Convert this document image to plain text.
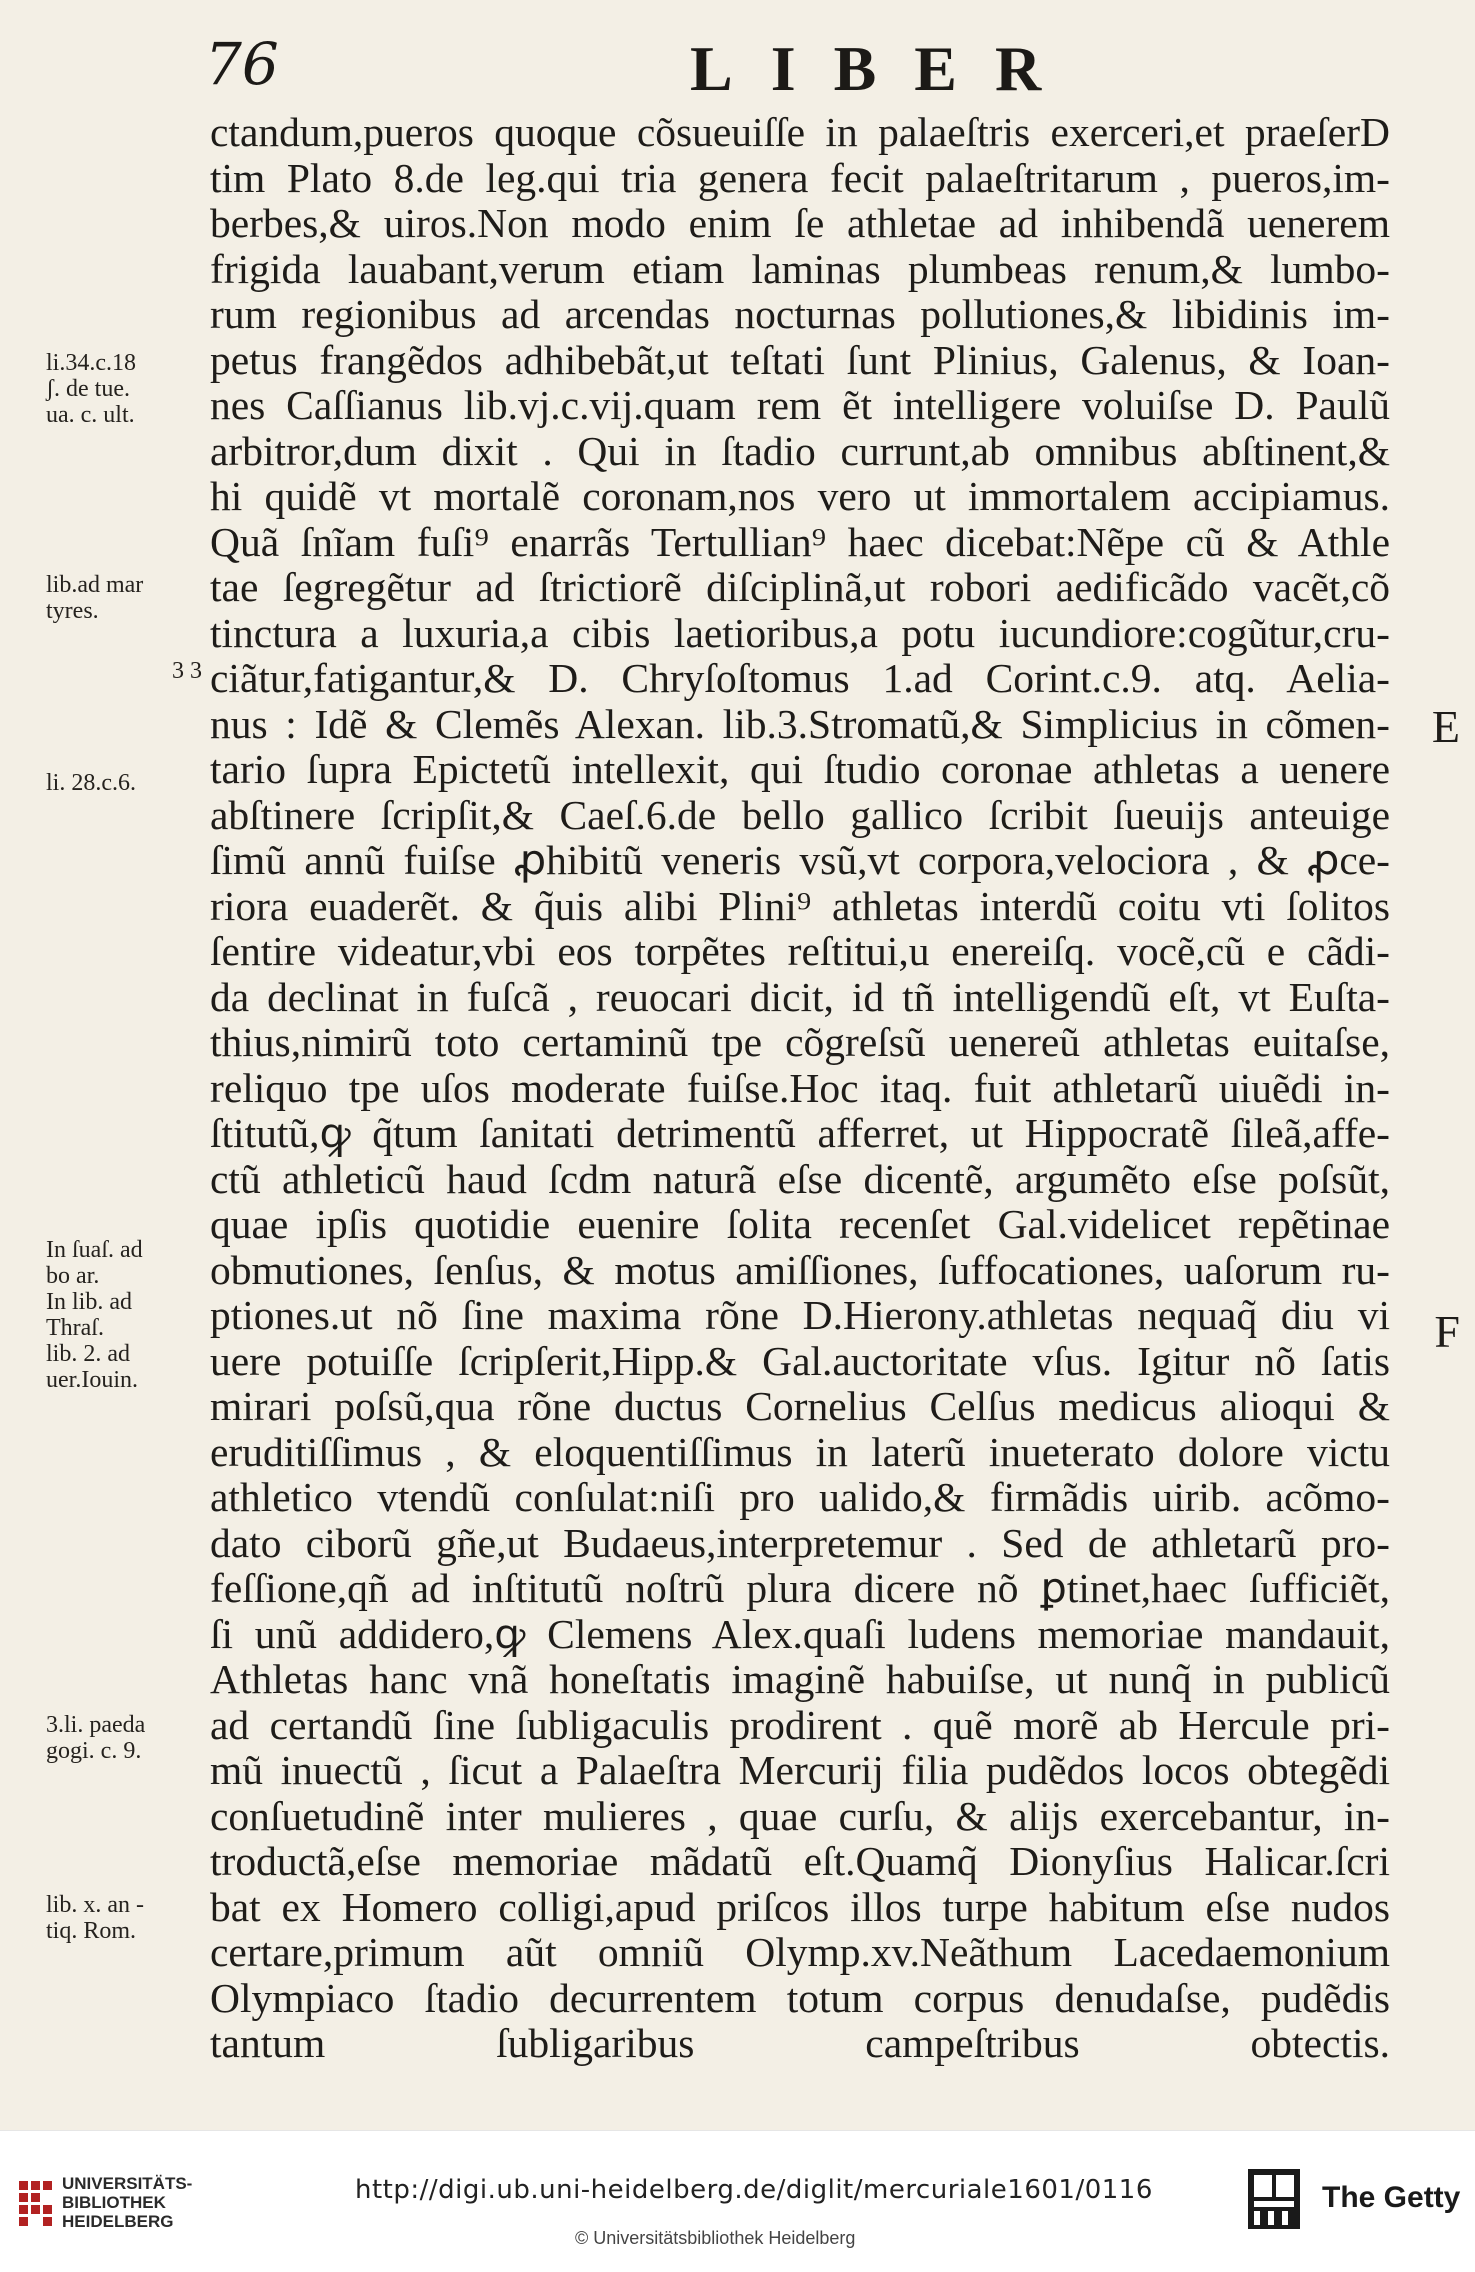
76	LIBER
ctandum,pueros quoque cõsueuiſſe in palaeſtris exerceri,et praeſerD
tim Plato 8.de leg.qui tria genera fecit palaeſtritarum , pueros,im-
berbes,& uiros.Non modo enim ſe athletae ad inhibendã uenerem
frigida lauabant,verum etiam laminas plumbeas renum,& lumbo-
rum regionibus ad arcendas nocturnas pollutiones,& libidinis im-
petus frangẽdos adhibebãt,ut teſtati ſunt Plinius, Galenus, & Ioan-
nes Caſſianus lib.vj.c.vij.quam rem ẽt intelligere voluiſse D. Paulũ
arbitror,dum dixit . Qui in ſtadio currunt,ab omnibus abſtinent,&
hi quidẽ vt mortalẽ coronam,nos vero ut immortalem accipiamus.
Quã ſnĩam fuſi⁹ enarrãs Tertullian⁹ haec dicebat:Nẽpe cũ & Athle
tae ſegregẽtur ad ſtrictiorẽ diſciplinã,ut robori aedificãdo vacẽt,cõ
tinctura a luxuria,a cibis laetioribus,a potu iucundiore:cogũtur,cru-
ciãtur,fatigantur,& D. Chryſoſtomus 1.ad Corint.c.9. atq. Aelia-
nus : Idẽ & Clemẽs Alexan. lib.3.Stromatũ,& Simplicius in cõmen-
tario ſupra Epictetũ intellexit, qui ſtudio coronae athletas a uenere
abſtinere ſcripſit,& Caeſ.6.de bello gallico ſcribit ſueuijs anteuige
ſimũ annũ fuiſse ꝓhibitũ veneris vsũ,vt corpora,velociora , & ꝓce-
riora euaderẽt. & q̃uis alibi Plini⁹ athletas interdũ coitu vti ſolitos
ſentire videatur,vbi eos torpẽtes reſtitui,u enereiſq. vocẽ,cũ e cãdi-
da declinat in fuſcã , reuocari dicit, id tñ intelligendũ eſt, vt Euſta-
thius,nimirũ toto certaminũ tpe cõgreſsũ uenereũ athletas euitaſse,
reliquo tpe uſos moderate fuiſse.Hoc itaq. fuit athletarũ uiuẽdi in-
ſtitutũ,ꝙ q̃tum ſanitati detrimentũ afferret, ut Hippocratẽ ſileã,affe-
ctũ athleticũ haud ſcdm naturã eſse dicentẽ, argumẽto eſse poſsũt,
quae ipſis quotidie euenire ſolita recenſet Gal.videlicet repẽtinae
obmutiones, ſenſus, & motus amiſſiones, ſuffocationes, uaſorum ru-
ptiones.ut nõ ſine maxima rõne D.Hierony.athletas nequaq̃ diu vi
uere potuiſſe ſcripſerit,Hipp.& Gal.auctoritate vſus. Igitur nõ ſatis
mirari poſsũ,qua rõne ductus Cornelius Celſus medicus alioqui &
eruditiſſimus , & eloquentiſſimus in laterũ inueterato dolore victu
athletico vtendũ conſulat:niſi pro ualido,& firmãdis uirib. acõmo-
dato ciborũ gñe,ut Budaeus,interpretemur . Sed de athletarũ pro-
feſſione,qñ ad inſtitutũ noſtrũ plura dicere nõ ꝑtinet,haec ſufficiẽt,
ſi unũ addidero,ꝙ Clemens Alex.quaſi ludens memoriae mandauit,
Athletas hanc vnã honeſtatis imaginẽ habuiſse, ut nunq̃ in publicũ
ad certandũ ſine ſubligaculis prodirent . quẽ morẽ ab Hercule pri-
mũ inuectũ , ſicut a Palaeſtra Mercurij filia pudẽdos locos obtegẽdi
conſuetudinẽ inter mulieres , quae curſu, & alijs exercebantur, in-
troductã,eſse memoriae mãdatũ eſt.Quamq̃ Dionyſius Halicar.ſcri
bat ex Homero colligi,apud priſcos illos turpe habitum eſse nudos
certare,primum aũt omniũ Olymp.xv.Neãthum Lacedaemonium
Olympiaco ſtadio decurrentem totum corpus denudaſse, pudẽdis
tantum ſubligaribus campeſtribus obtectis.
li.34.c.18
ʃ. de tue.
ua. c. ult.
lib.ad mar
tyres.
3 3
li. 28.c.6.
In ſuaſ. ad
bo ar.
In lib. ad
Thraſ.
lib. 2. ad
uer.Iouin.
3.li. paeda
gogi. c. 9.
lib. x. an -
tiq. Rom.
E
F
UNIVERSITÄTS-
BIBLIOTHEK
HEIDELBERG
http://digi.ub.uni-heidelberg.de/diglit/mercuriale1601/0116
© Universitätsbibliothek Heidelberg
The Getty
